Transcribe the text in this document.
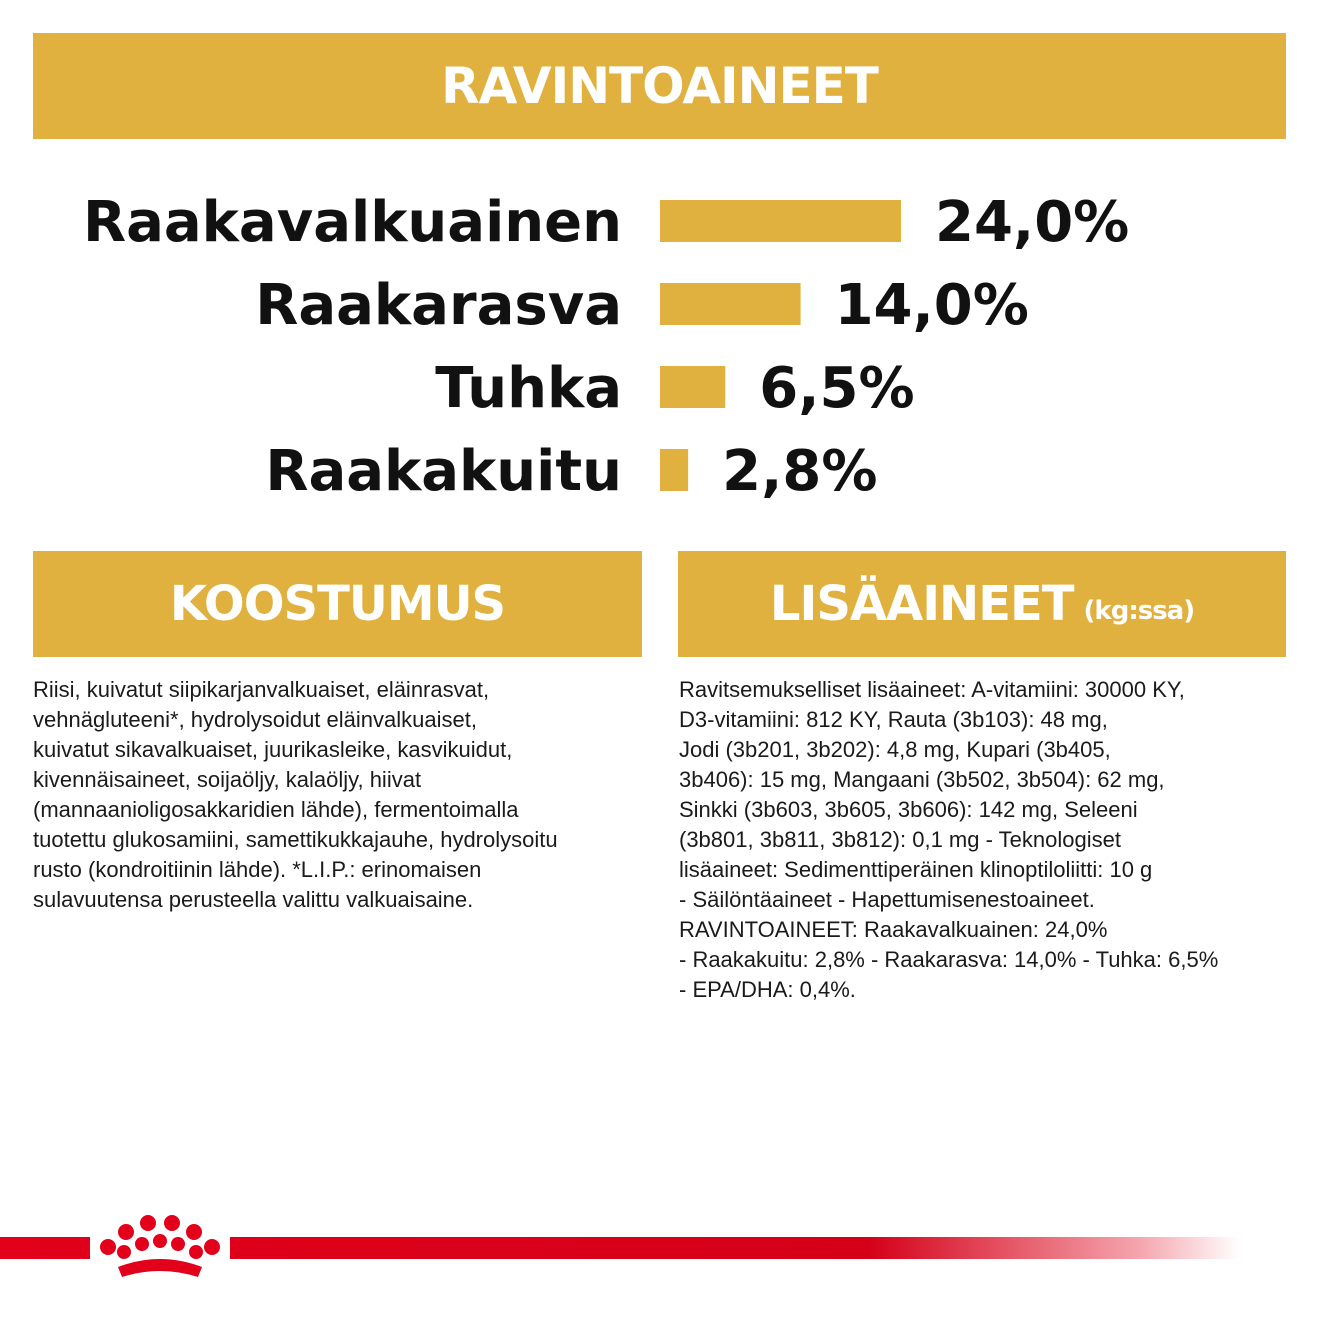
RAVINTOAINEET
Raakavalkuainen	24,0%
Raakarasva	14,0%
Tuhka 6,5%
Raakakuitu 2,8%
KOOSTUMUS	LISÄAINEET (kg:ssa)
Riisi, kuivatut siipikarjanvalkuaiset, eläinrasvat,
vehnägluteeni*, hydrolysoidut eläinvalkuaiset,
kuivatut sikavalkuaiset, juurikasleike, kasvikuidut,
kivennäisaineet, soijaöljy, kalaöljy, hiivat
(mannaanioligosakkaridien lähde), fermentoimalla
tuotettu glukosamiini, samettikukkajauhe, hydrolysoitu
rusto (kondroitiinin lähde). *L.I.P.: erinomaisen
sulavuutensa perusteella valittu valkuaisaine.
Ravitsemukselliset lisäaineet: A-vitamiini: 30000 KY,
D3-vitamiini: 812 KY, Rauta (3b103): 48 mg,
Jodi (3b201, 3b202): 4,8 mg, Kupari (3b405,
3b406): 15 mg, Mangaani (3b502, 3b504): 62 mg,
Sinkki (3b603, 3b605, 3b606): 142 mg, Seleeni
(3b801, 3b811, 3b812): 0,1 mg - Teknologiset
lisäaineet: Sedimenttiperäinen klinoptiloliitti: 10 g
- Säilöntäaineet - Hapettumisenestoaineet.
RAVINTOAINEET: Raakavalkuainen: 24,0%
- Raakakuitu: 2,8% - Raakarasva: 14,0% - Tuhka: 6,5%
- EPA/DHA: 0,4%.
